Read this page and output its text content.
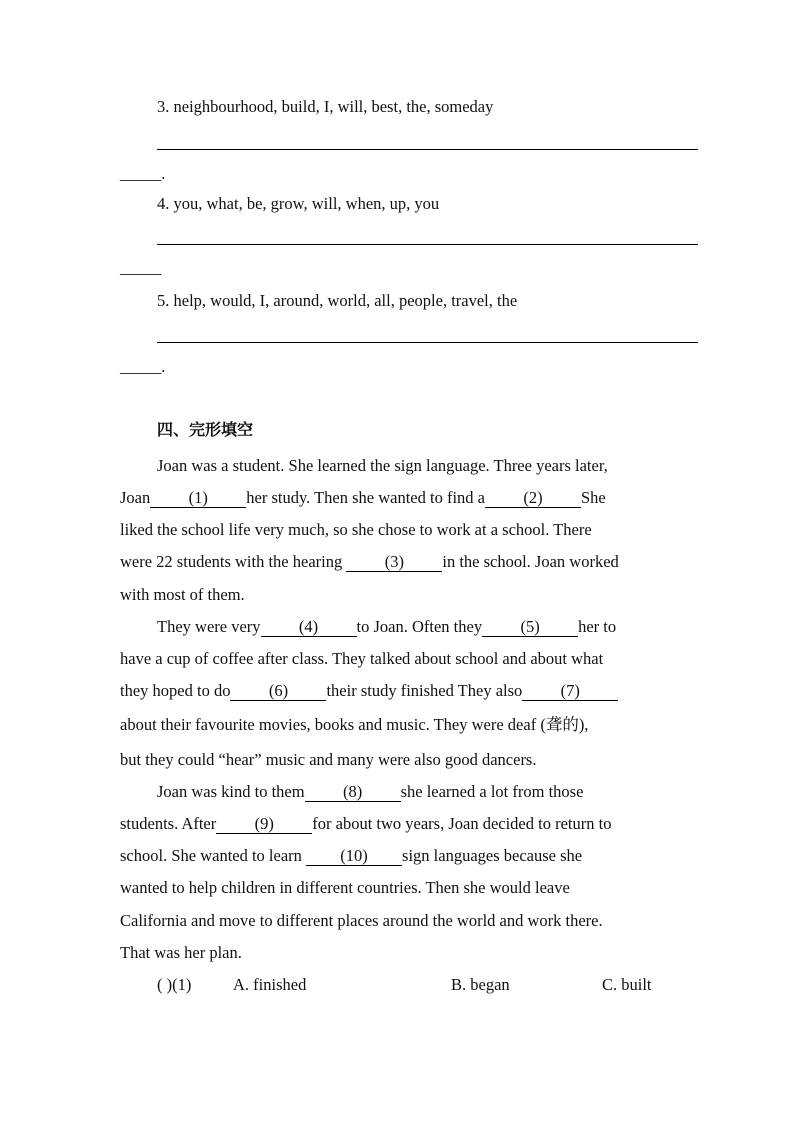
3. neighbourhood, build, I, will, best, the, someday
_____.
4. you, what, be, grow, will, when, up, you
_____
5. help, would, I, around, world, all, people, travel, the
_____.
四、完形填空
Joan was a student. She learned the sign language. Three years later,
Joan (1) her study. Then she wanted to find a (2) She
liked the school life very much, so she chose to work at a school. There
were 22 students with the hearing (3) in the school. Joan worked
with most of them.
They were very (4) to Joan. Often they (5) her to
have a cup of coffee after class. They talked about school and about what
they hoped to do (6) their study finished They also (7)
about their favourite movies, books and music. They were deaf (聋的),
but they could “hear” music and many were also good dancers.
Joan was kind to them (8) she learned a lot from those
students. After (9) for about two years, Joan decided to return to
school. She wanted to learn (10) sign languages because she
wanted to help children in different countries. Then she would leave
California and move to different places around the world and work there.
That was her plan.
( )(1)	A. finished	B. began	C. built
